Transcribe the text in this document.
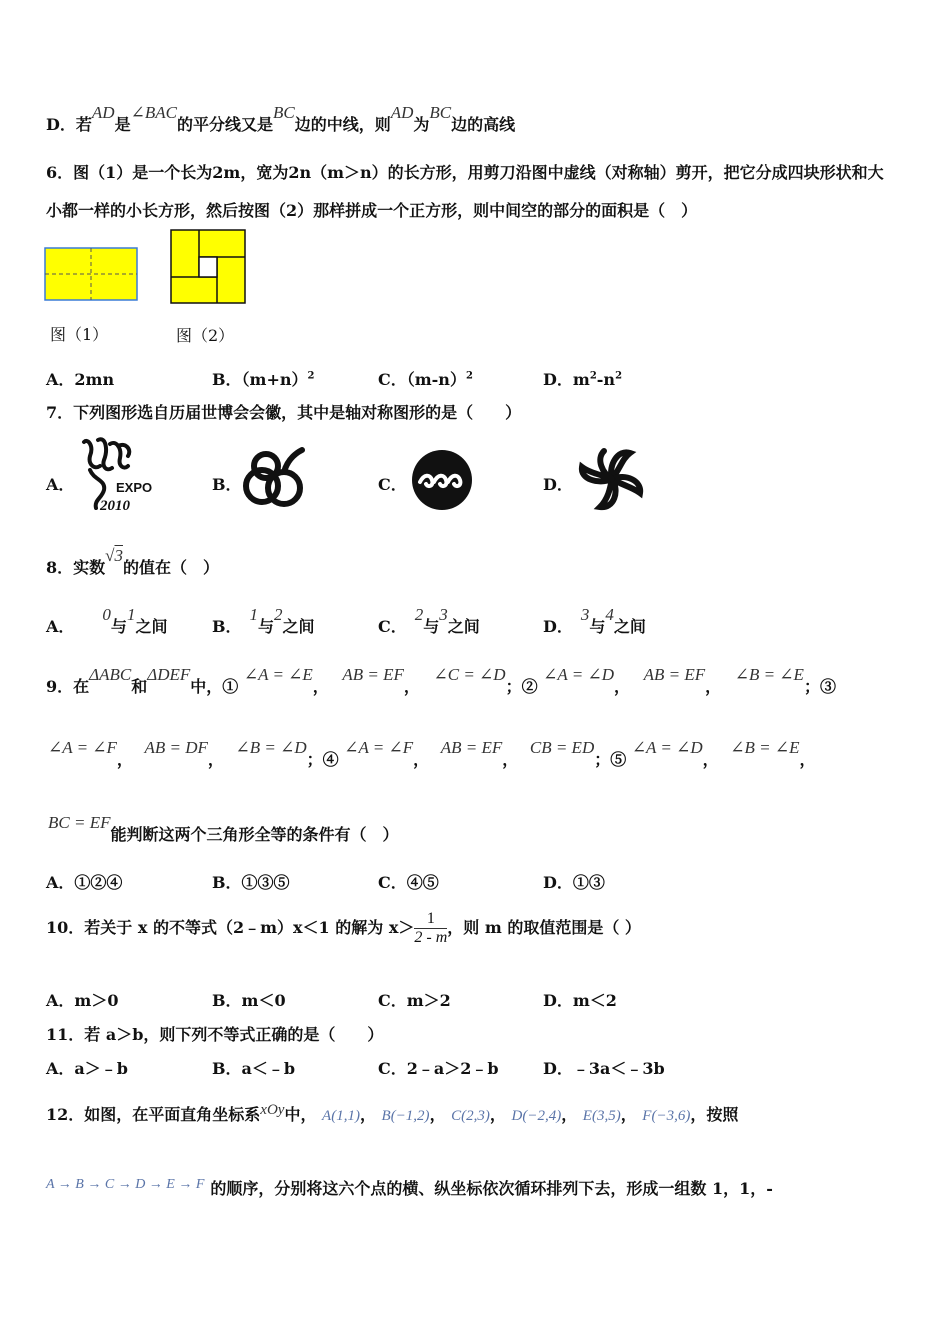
D．若AD是∠BAC的平分线又是BC边的中线，则AD为BC边的高线
6．图（1）是一个长为2m，宽为2n（m＞n）的长方形，用剪刀沿图中虚线（对称轴）剪开，把它分成四块形状和大
小都一样的小长方形，然后按图（2）那样拼成一个正方形，则中间空的部分的面积是（　）
图（1）	图（2）
A．2mn	B．$(m+n)^2$	C．$(m-n)^2$	D．$m^2-n^2$
7．下列图形选自历届世博会会徽，其中是轴对称图形的是（　　）
A．	EXPO
2010
B．	C．	D．
8．实数√3的值在（　）
A．0与1之间	B．1与2之间	C．2与3之间	D．3与4之间
9．在ΔABC和ΔDEF中，① ∠A = ∠E， AB = EF， ∠C = ∠D；② ∠A = ∠D， AB = EF， ∠B = ∠E；③
∠A = ∠F， AB = DF， ∠B = ∠D；④ ∠A = ∠F， AB = EF， CB = ED；⑤ ∠A = ∠D， ∠B = ∠E，
BC = EF能判断这两个三角形全等的条件有（　）
A．①②④	B．①③⑤	C．④⑤	D．①③
10．若关于 x 的不等式（2﹣m）x＜1 的解为 $x> \frac{1}{2 - m}$ ，则 m 的取值范围是（ ）
A．m＞0	B．m＜0	C．m＞2	D．m＜2
11．若 a＞b，则下列不等式正确的是（　　）
A．a＞﹣b	B．a＜﹣b	C．2﹣a＞2﹣b	D．﹣3a＜﹣3b
12．如图，在平面直角坐标系xOy中， A(1,1)， B(−1,2)， C(2,3)， D(−2,4)， E(3,5)， F(−3,6)，按照
A → B → C → D → E → F 的顺序，分别将这六个点的横、纵坐标依次循环排列下去，形成一组数 1，1，-
